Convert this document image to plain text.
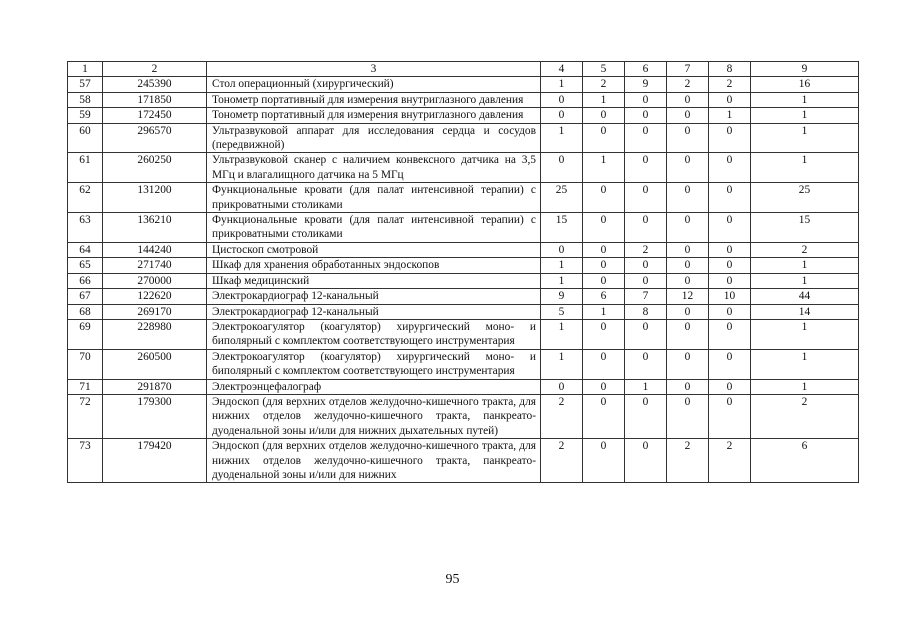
1	2	3	4	5	6	7	8	9
57	245390	Стол операционный (хирургический)	1	2	9	2	2	16
58	171850	Тонометр портативный для измерения внутриглазного давления	0	1	0	0	0	1
59	172450	Тонометр портативный для измерения внутриглазного давления	0	0	0	0	1	1
60	296570	Ультразвуковой аппарат для исследования сердца и сосудов (передвижной)	1	0	0	0	0	1
61	260250	Ультразвуковой сканер с наличием конвексного датчика на 3,5 МГц и влагалищного датчика на 5 МГц	0	1	0	0	0	1
62	131200	Функциональные кровати (для палат интенсивной терапии) с прикроватными столиками	25	0	0	0	0	25
63	136210	Функциональные кровати (для палат интенсивной терапии) с прикроватными столиками	15	0	0	0	0	15
64	144240	Цистоскоп смотровой	0	0	2	0	0	2
65	271740	Шкаф для хранения обработанных эндоскопов	1	0	0	0	0	1
66	270000	Шкаф медицинский	1	0	0	0	0	1
67	122620	Электрокардиограф 12-канальный	9	6	7	12	10	44
68	269170	Электрокардиограф 12-канальный	5	1	8	0	0	14
69	228980	Электрокоагулятор (коагулятор) хирургический моно- и биполярный с комплектом соответствующего инструментария	1	0	0	0	0	1
70	260500	Электрокоагулятор (коагулятор) хирургический моно- и биполярный с комплектом соответствующего инструментария	1	0	0	0	0	1
71	291870	Электроэнцефалограф	0	0	1	0	0	1
72	179300	Эндоскоп (для верхних отделов желудочно-кишечного тракта, для нижних отделов желудочно-кишечного тракта, панкреато-дуоденальной зоны и/или для нижних дыхательных путей)	2	0	0	0	0	2
73	179420	Эндоскоп (для верхних отделов желудочно-кишечного тракта, для нижних отделов желудочно-кишечного тракта, панкреато-дуоденальной зоны и/или для нижних	2	0	0	2	2	6
95
